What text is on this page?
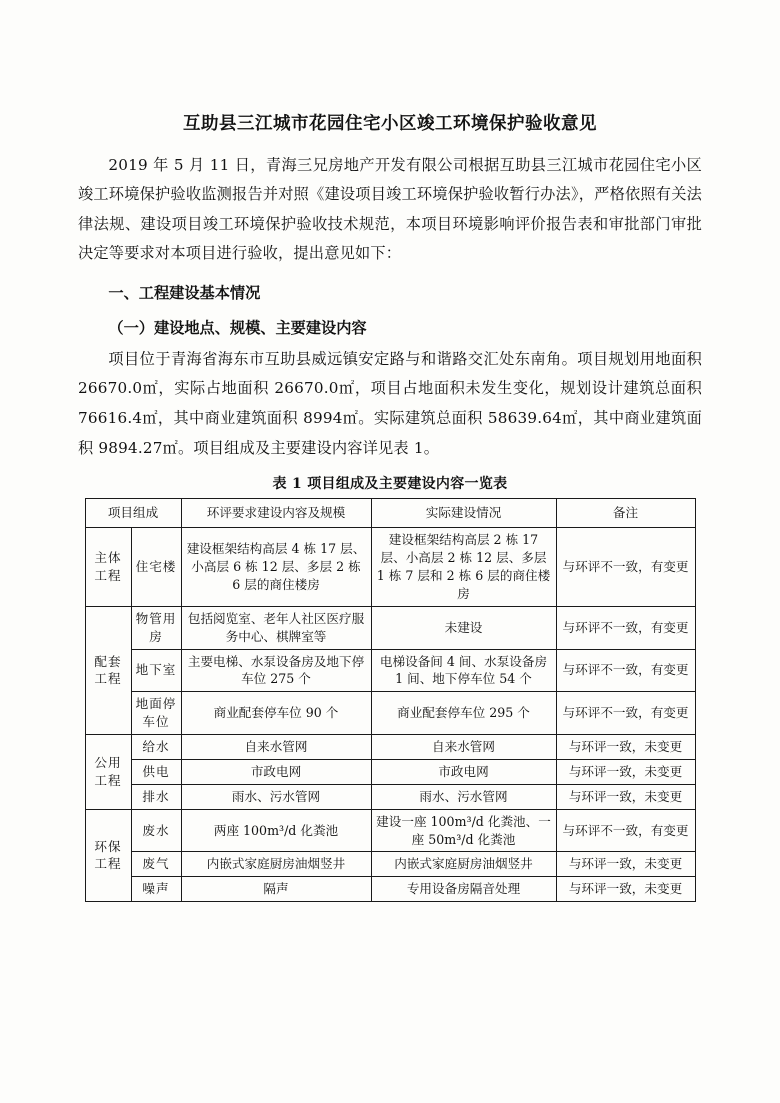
互助县三江城市花园住宅小区竣工环境保护验收意见

2019 年 5 月 11 日，青海三兄房地产开发有限公司根据互助县三江城市花园住宅小区竣工环境保护验收监测报告并对照《建设项目竣工环境保护验收暂行办法》，严格依照有关法律法规、建设项目竣工环境保护验收技术规范，本项目环境影响评价报告表和审批部门审批决定等要求对本项目进行验收，提出意见如下：

一、工程建设基本情况
（一）建设地点、规模、主要建设内容

项目位于青海省海东市互助县威远镇安定路与和谐路交汇处东南角。项目规划用地面积 26670.0㎡，实际占地面积 26670.0㎡，项目占地面积未发生变化，规划设计建筑总面积 76616.4㎡，其中商业建筑面积 8994㎡。实际建筑总面积 58639.64㎡，其中商业建筑面积 9894.27㎡。项目组成及主要建设内容详见表 1。

表 1 项目组成及主要建设内容一览表
项目组成		环评要求建设内容及规模	实际建设情况	备注
主体工程	住宅楼	建设框架结构高层 4 栋 17 层、小高层 6 栋 12 层、多层 2 栋 6 层的商住楼房	建设框架结构高层 2 栋 17 层、小高层 2 栋 12 层、多层 1 栋 7 层和 2 栋 6 层的商住楼房	与环评不一致，有变更
配套工程	物管用房	包括阅览室、老年人社区医疗服务中心、棋牌室等	未建设	与环评不一致，有变更
	地下室	主要电梯、水泵设备房及地下停车位 275 个	电梯设备间 4 间、水泵设备房 1 间、地下停车位 54 个	与环评不一致，有变更
	地面停车位	商业配套停车位 90 个	商业配套停车位 295 个	与环评不一致，有变更
公用工程	给水	自来水管网	自来水管网	与环评一致，未变更
	供电	市政电网	市政电网	与环评一致，未变更
	排水	雨水、污水管网	雨水、污水管网	与环评一致，未变更
环保工程	废水	两座 100m³/d 化粪池	建设一座 100m³/d 化粪池、一座 50m³/d 化粪池	与环评不一致，有变更
	废气	内嵌式家庭厨房油烟竖井	内嵌式家庭厨房油烟竖井	与环评一致，未变更
	噪声	隔声	专用设备房隔音处理	与环评一致，未变更
